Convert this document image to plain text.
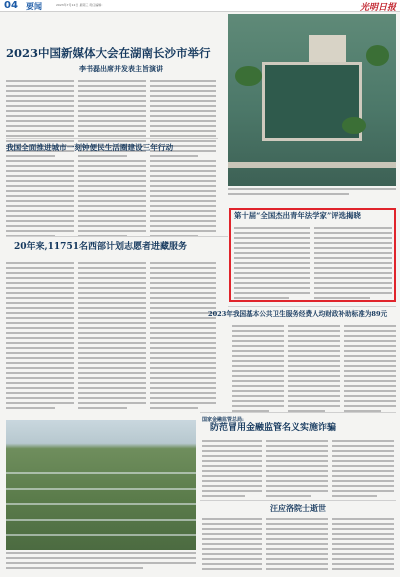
04 要闻	2023年7月12日 星期三 责任编辑：	光明日报
2023中国新媒体大会在湖南长沙市举行
李书磊出席并发表主旨演讲
我国全面推进城市一刻钟便民生活圈建设三年行动
第十届“全国杰出青年法学家”评选揭晓
20年来,11751名西部计划志愿者进藏服务
2023年我国基本公共卫生服务经费人均财政补助标准为89元
国家金融监管总局:
防范冒用金融监管名义实施诈骗
汪应洛院士逝世
